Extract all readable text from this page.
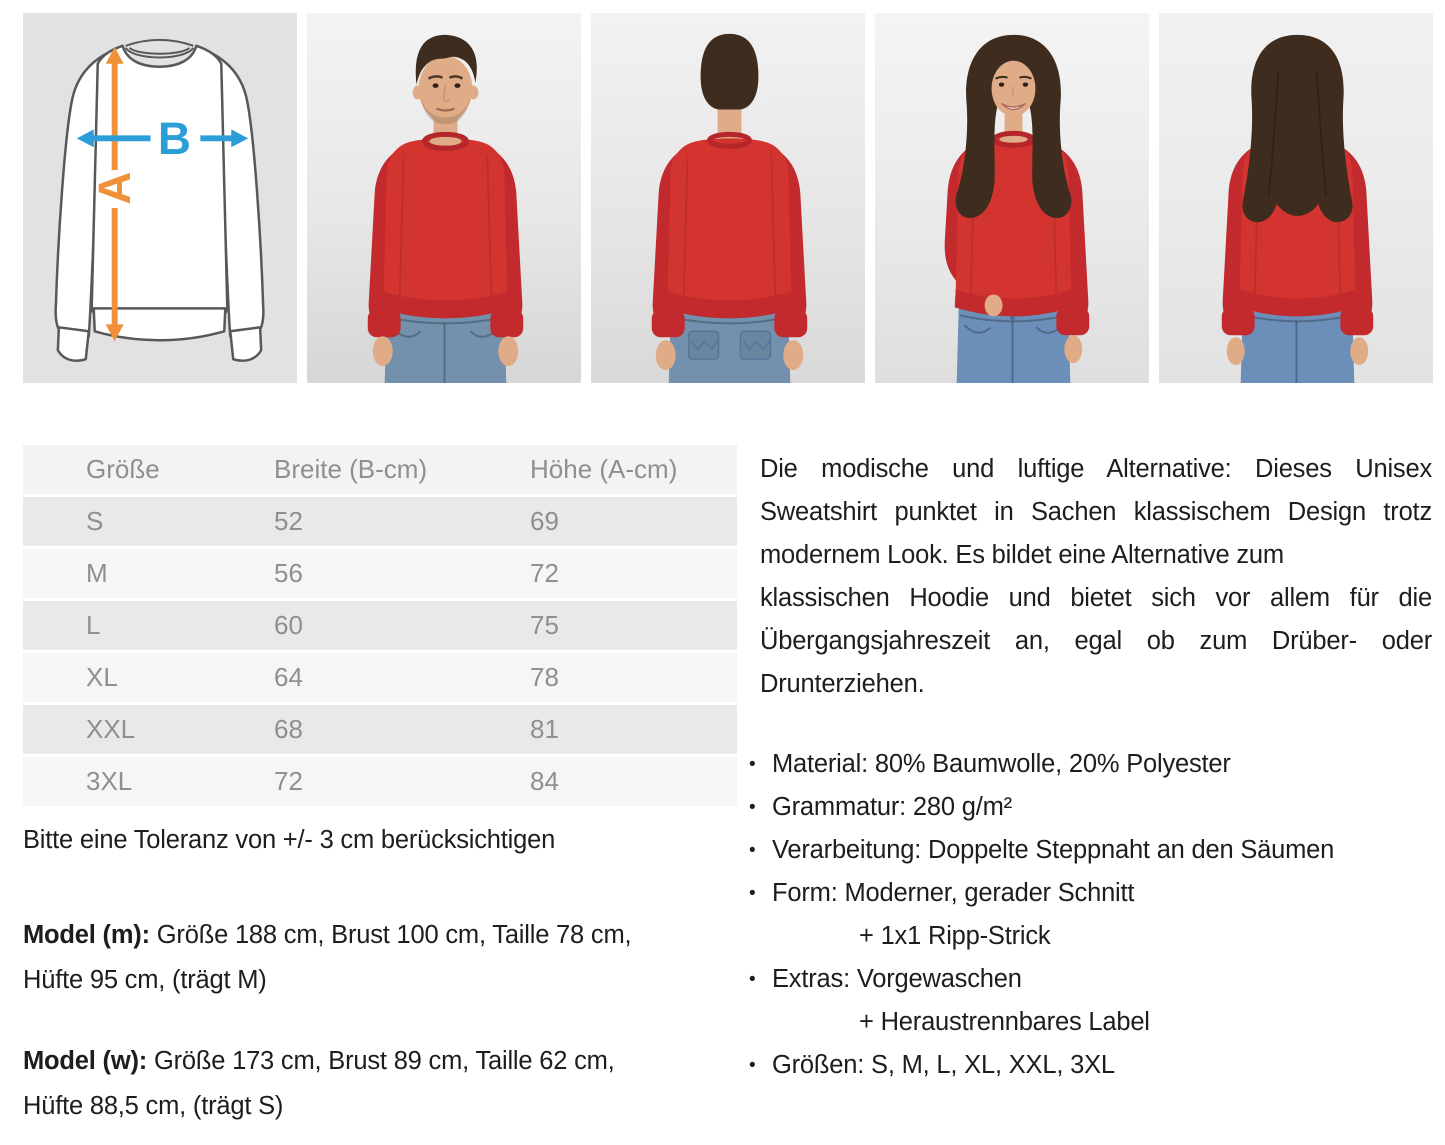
A
B
Größe	Breite (B-cm)	Höhe (A-cm)
S	52	69
M	56	72
L	60	75
XL	64	78
XXL	68	81
3XL	72	84
Bitte eine Toleranz von +/- 3 cm berücksichtigen
Model (m): Größe 188 cm, Brust 100 cm, Taille 78 cm,
Hüfte 95 cm, (trägt M)
Model (w): Größe 173 cm, Brust 89 cm, Taille 62 cm,
Hüfte 88,5 cm, (trägt S)
Die modische und luftige Alternative: Dieses Unisex
Sweatshirt punktet in Sachen klassischem Design trotz
modernem Look. Es bildet eine Alternative zum
klassischen Hoodie und bietet sich vor allem für die
Übergangsjahreszeit an, egal ob zum Drüber- oder
Drunterziehen.
• Material: 80% Baumwolle, 20% Polyester
• Grammatur: 280 g/m²
• Verarbeitung: Doppelte Steppnaht an den Säumen
• Form: Moderner, gerader Schnitt
+ 1x1 Ripp-Strick
• Extras: Vorgewaschen
+ Heraustrennbares Label
• Größen: S, M, L, XL, XXL, 3XL
